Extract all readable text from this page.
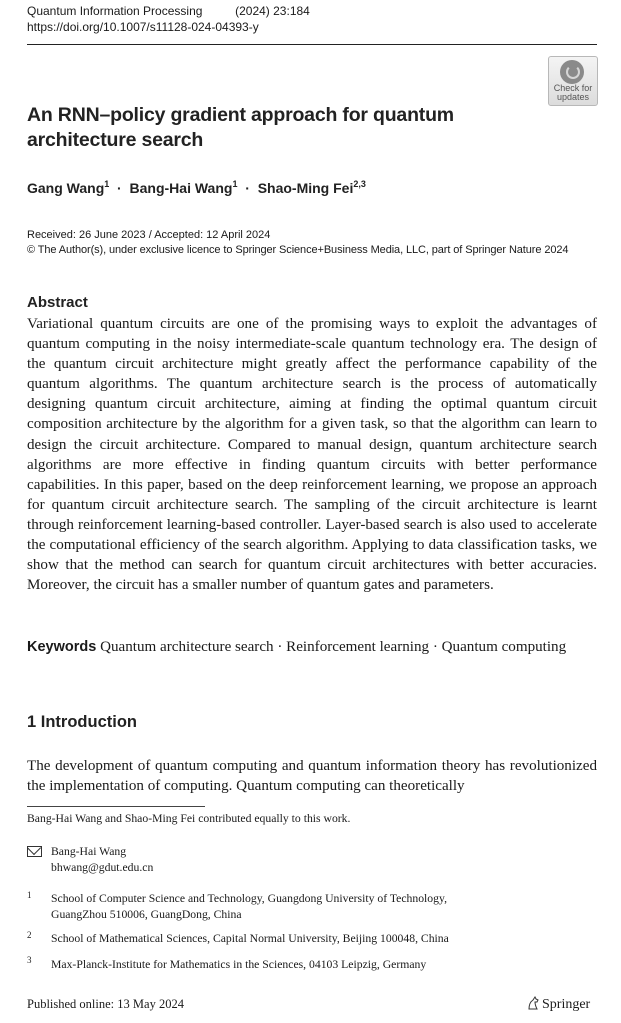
Quantum Information Processing	(2024) 23:184
https://doi.org/10.1007/s11128-024-04393-y
Check for
updates
An RNN–policy gradient approach for quantum architecture search
Gang Wang$^1$  ·  Bang-Hai Wang$^1$  ·  Shao-Ming Fei$^{2,3}$
Received: 26 June 2023 / Accepted: 12 April 2024
© The Author(s), under exclusive licence to Springer Science+Business Media, LLC, part of Springer Nature 2024
Abstract
Variational quantum circuits are one of the promising ways to exploit the advantages of quantum computing in the noisy intermediate-scale quantum technology era. The design of the quantum circuit architecture might greatly affect the performance capability of the quantum algorithms. The quantum architecture search is the process of automatically designing quantum circuit architecture, aiming at finding the optimal quantum circuit composition architecture by the algorithm for a given task, so that the algorithm can learn to design the circuit architecture. Compared to manual design, quantum architecture search algorithms are more effective in finding quantum circuits with better performance capabilities. In this paper, based on the deep reinforcement learning, we propose an approach for quantum circuit architecture search. The sampling of the circuit architecture is learnt through reinforcement learning-based controller. Layer-based search is also used to accelerate the computational efficiency of the search algorithm. Applying to data classification tasks, we show that the method can search for quantum circuit architectures with better accuracies. Moreover, the circuit has a smaller number of quantum gates and parameters.
Keywords Quantum architecture search · Reinforcement learning · Quantum computing
1 Introduction
The development of quantum computing and quantum information theory has revolutionized the implementation of computing. Quantum computing can theoretically
Bang-Hai Wang and Shao-Ming Fei contributed equally to this work.
Bang-Hai Wang
bhwang@gdut.edu.cn
1 School of Computer Science and Technology, Guangdong University of Technology,
GuangZhou 510006, GuangDong, China
2 School of Mathematical Sciences, Capital Normal University, Beijing 100048, China
3 Max-Planck-Institute for Mathematics in the Sciences, 04103 Leipzig, Germany
Published online: 13 May 2024	Springer
